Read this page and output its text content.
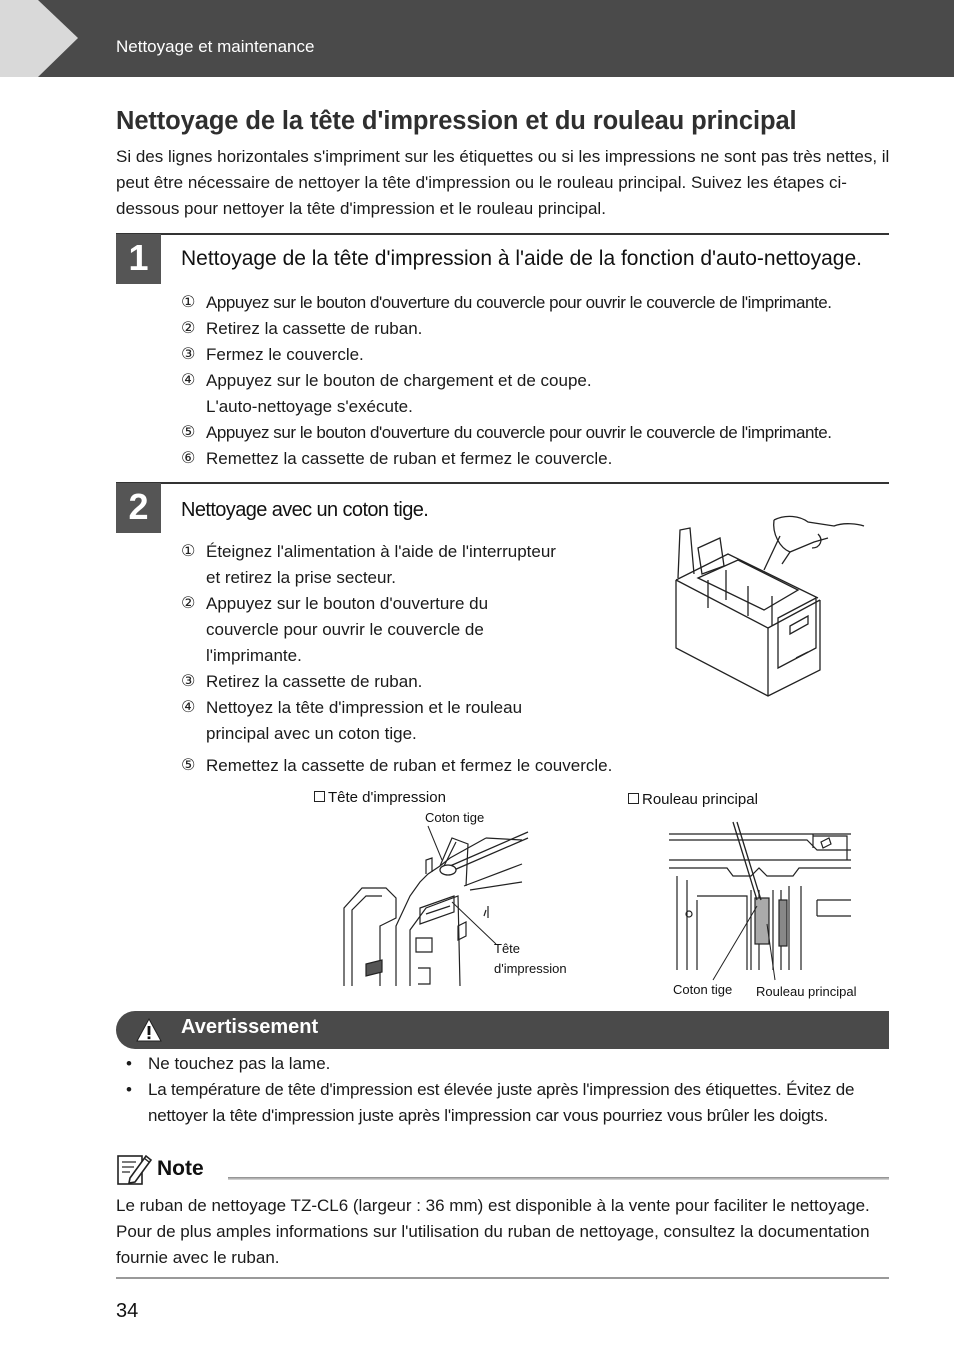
Nettoyage et maintenance
Nettoyage de la tête d'impression et du rouleau principal

Si des lignes horizontales s'impriment sur les étiquettes ou si les impressions ne sont pas très nettes, il peut être nécessaire de nettoyer la tête d'impression ou le rouleau principal. Suivez les étapes ci-dessous pour nettoyer la tête d'impression et le rouleau principal.

1	Nettoyage de la tête d'impression à l'aide de la fonction d'auto-nettoyage.
① Appuyez sur le bouton d'ouverture du couvercle pour ouvrir le couvercle de l'imprimante.
② Retirez la cassette de ruban.
③ Fermez le couvercle.
④ Appuyez sur le bouton de chargement et de coupe.
L'auto-nettoyage s'exécute.
⑤ Appuyez sur le bouton d'ouverture du couvercle pour ouvrir le couvercle de l'imprimante.
⑥ Remettez la cassette de ruban et fermez le couvercle.
2	Nettoyage avec un coton tige.
① Éteignez l'alimentation à l'aide de l'interrupteur et retirez la prise secteur.
② Appuyez sur le bouton d'ouverture du couvercle pour ouvrir le couvercle de l'imprimante.
③ Retirez la cassette de ruban.
④ Nettoyez la tête d'impression et le rouleau principal avec un coton tige.
⑤ Remettez la cassette de ruban et fermez le couvercle.
Tête d'impression	Rouleau principal
Coton tige
Tête
d'impression
Coton tige Rouleau principal
Avertissement
• Ne touchez pas la lame.
• La température de tête d'impression est élevée juste après l'impression des étiquettes. Évitez de nettoyer la tête d'impression juste après l'impression car vous pourriez vous brûler les doigts.
Note

Le ruban de nettoyage TZ-CL6 (largeur : 36 mm) est disponible à la vente pour faciliter le nettoyage. Pour de plus amples informations sur l'utilisation du ruban de nettoyage, consultez la documentation fournie avec le ruban.

34
